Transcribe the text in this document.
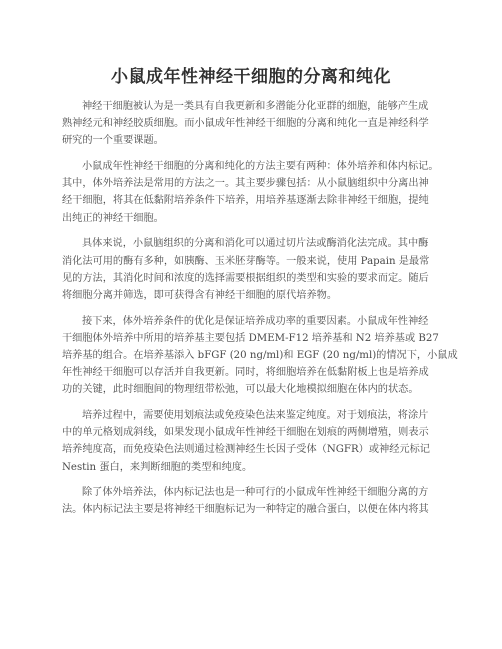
小鼠成年性神经干细胞的分离和纯化
神经干细胞被认为是一类具有自我更新和多潜能分化亚群的细胞，能够产生成
熟神经元和神经胶质细胞。而小鼠成年性神经干细胞的分离和纯化一直是神经科学
研究的一个重要课题。
小鼠成年性神经干细胞的分离和纯化的方法主要有两种：体外培养和体内标记。
其中，体外培养法是常用的方法之一。其主要步骤包括：从小鼠脑组织中分离出神
经干细胞，将其在低黏附培养条件下培养，用培养基逐渐去除非神经干细胞，提纯
出纯正的神经干细胞。
具体来说，小鼠脑组织的分离和消化可以通过切片法或酶消化法完成。其中酶
消化法可用的酶有多种，如胰酶、玉米胚芽酶等。一般来说，使用 Papain 是最常
见的方法，其消化时间和浓度的选择需要根据组织的类型和实验的要求而定。随后
将细胞分离并筛选，即可获得含有神经干细胞的原代培养物。
接下来，体外培养条件的优化是保证培养成功率的重要因素。小鼠成年性神经
干细胞体外培养中所用的培养基主要包括 DMEM-F12 培养基和 N2 培养基或 B27
培养基的组合。在培养基添入 bFGF (20 ng/ml)和 EGF (20 ng/ml)的情况下，小鼠成
年性神经干细胞可以存活并自我更新。同时，将细胞培养在低黏附板上也是培养成
功的关键，此时细胞间的物理纽带松弛，可以最大化地模拟细胞在体内的状态。
培养过程中，需要使用划痕法或免疫染色法来鉴定纯度。对于划痕法，将涂片
中的单元格划成斜线，如果发现小鼠成年性神经干细胞在划痕的两侧增殖，则表示
培养纯度高，而免疫染色法则通过检测神经生长因子受体（NGFR）或神经元标记
Nestin 蛋白，来判断细胞的类型和纯度。
除了体外培养法，体内标记法也是一种可行的小鼠成年性神经干细胞分离的方
法。体内标记法主要是将神经干细胞标记为一种特定的融合蛋白，以便在体内将其
